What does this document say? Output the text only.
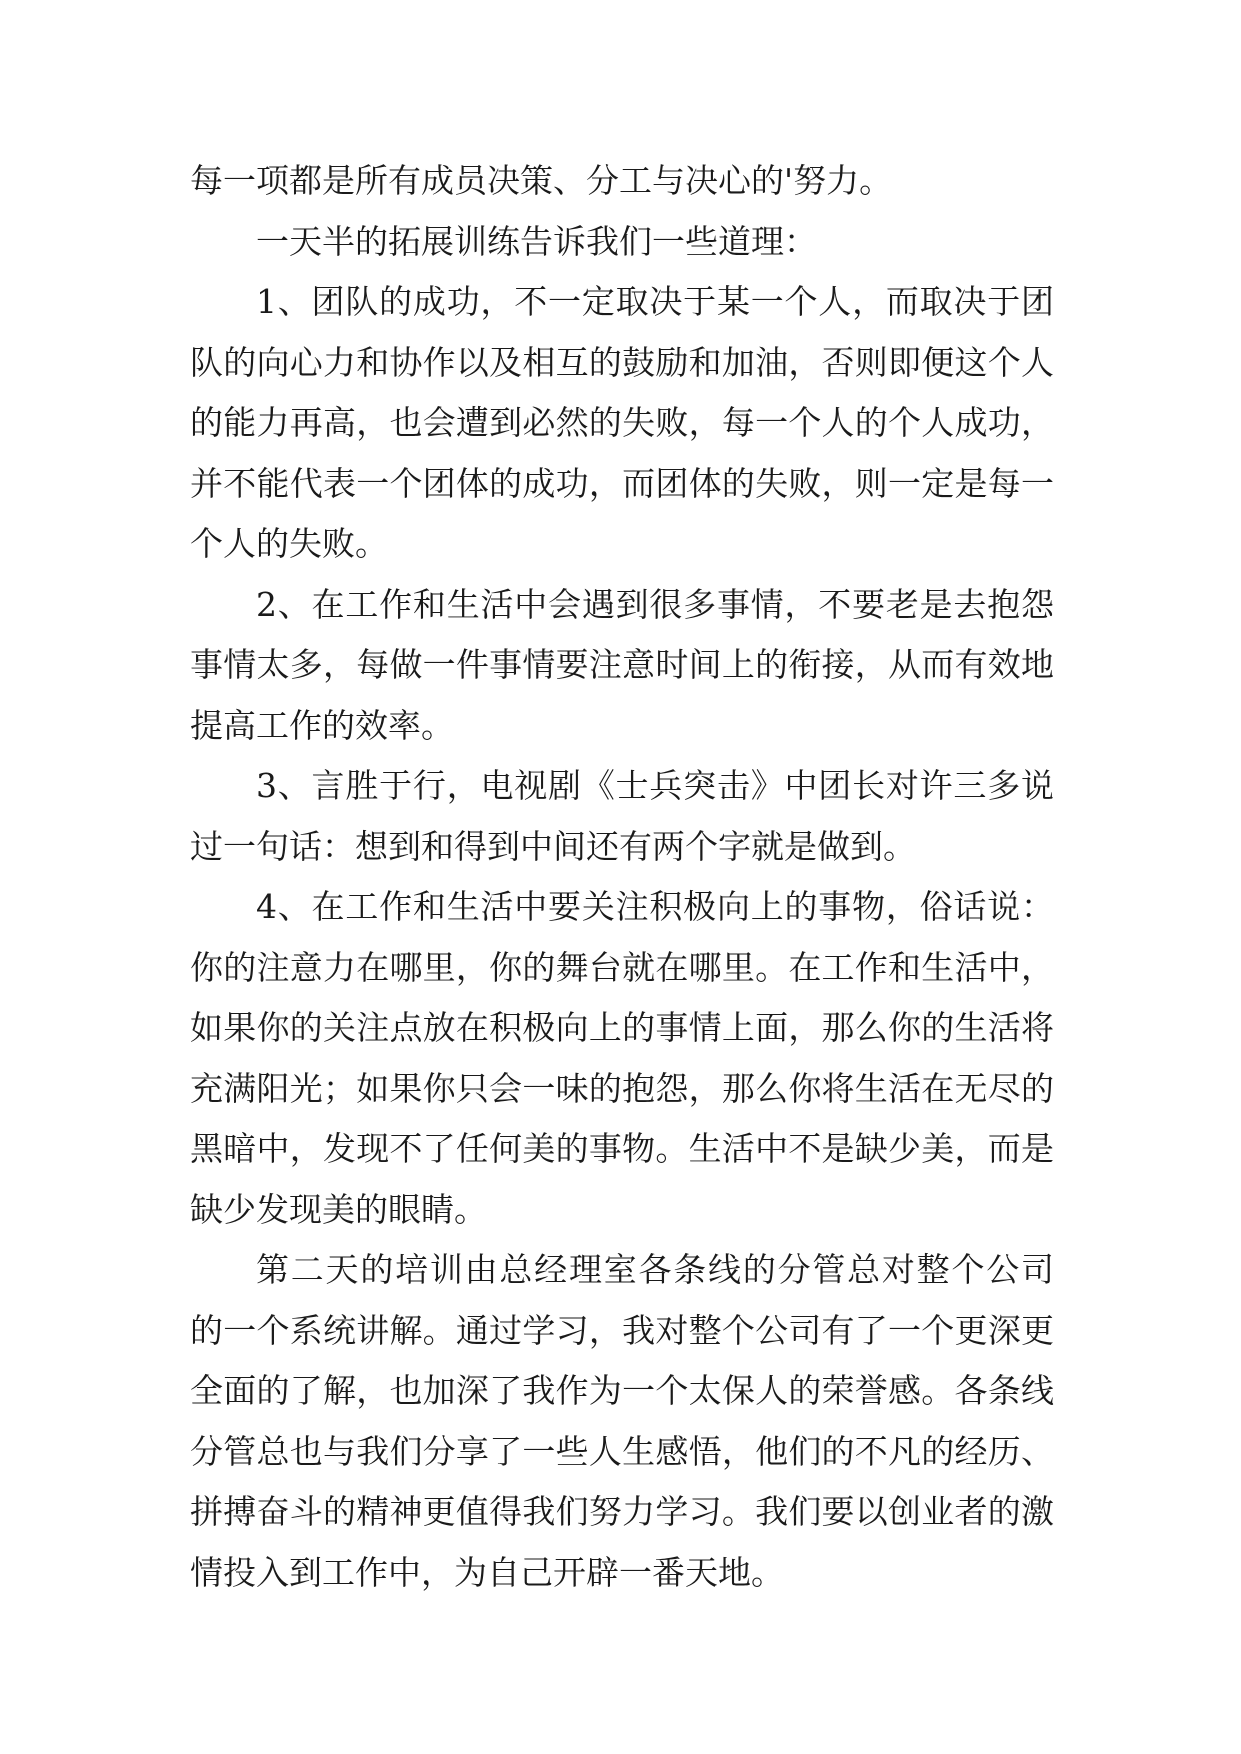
每一项都是所有成员决策、分工与决心的'努力。
一天半的拓展训练告诉我们一些道理：
1、团队的成功，不一定取决于某一个人，而取决于团
队的向心力和协作以及相互的鼓励和加油，否则即便这个人
的能力再高，也会遭到必然的失败，每一个人的个人成功，
并不能代表一个团体的成功，而团体的失败，则一定是每一
个人的失败。
2、在工作和生活中会遇到很多事情，不要老是去抱怨
事情太多，每做一件事情要注意时间上的衔接，从而有效地
提高工作的效率。
3、言胜于行，电视剧《士兵突击》中团长对许三多说
过一句话：想到和得到中间还有两个字就是做到。
4、在工作和生活中要关注积极向上的事物，俗话说：
你的注意力在哪里，你的舞台就在哪里。在工作和生活中，
如果你的关注点放在积极向上的事情上面，那么你的生活将
充满阳光；如果你只会一味的抱怨，那么你将生活在无尽的
黑暗中，发现不了任何美的事物。生活中不是缺少美，而是
缺少发现美的眼睛。
第二天的培训由总经理室各条线的分管总对整个公司
的一个系统讲解。通过学习，我对整个公司有了一个更深更
全面的了解，也加深了我作为一个太保人的荣誉感。各条线
分管总也与我们分享了一些人生感悟，他们的不凡的经历、
拼搏奋斗的精神更值得我们努力学习。我们要以创业者的激
情投入到工作中，为自己开辟一番天地。
